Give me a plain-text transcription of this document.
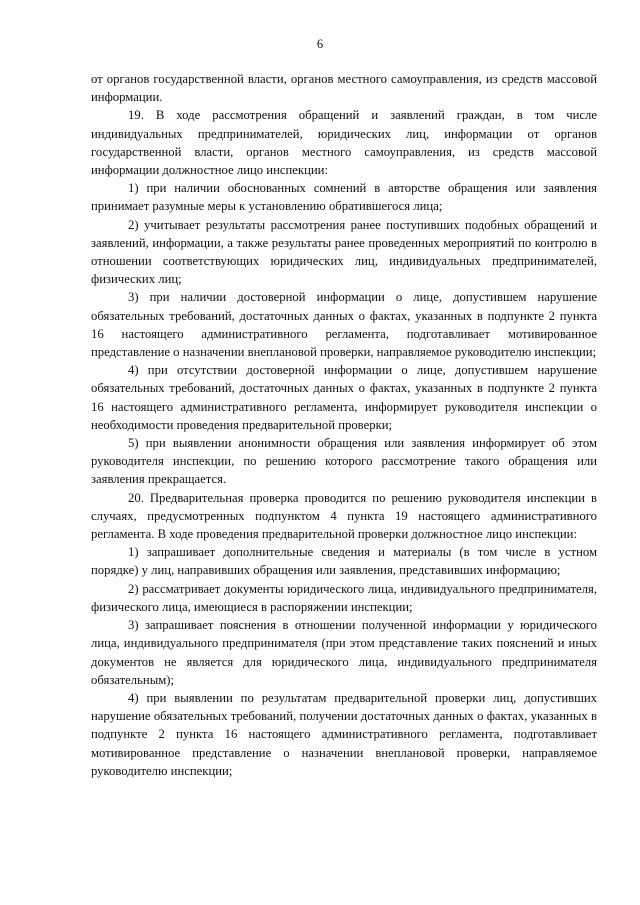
6

от органов государственной власти, органов местного самоуправления, из средств массовой информации.

19. В ходе рассмотрения обращений и заявлений граждан, в том числе индивидуальных предпринимателей, юридических лиц, информации от органов государственной власти, органов местного самоуправления, из средств массовой информации должностное лицо инспекции:

1) при наличии обоснованных сомнений в авторстве обращения или заявления принимает разумные меры к установлению обратившегося лица;

2) учитывает результаты рассмотрения ранее поступивших подобных обращений и заявлений, информации, а также результаты ранее проведенных мероприятий по контролю в отношении соответствующих юридических лиц, индивидуальных предпринимателей, физических лиц;

3) при наличии достоверной информации о лице, допустившем нарушение обязательных требований, достаточных данных о фактах, указанных в подпункте 2 пункта 16 настоящего административного регламента, подготавливает мотивированное представление о назначении внеплановой проверки, направляемое руководителю инспекции;

4) при отсутствии достоверной информации о лице, допустившем нарушение обязательных требований, достаточных данных о фактах, указанных в подпункте 2 пункта 16 настоящего административного регламента, информирует руководителя инспекции о необходимости проведения предварительной проверки;

5) при выявлении анонимности обращения или заявления информирует об этом руководителя инспекции, по решению которого рассмотрение такого обращения или заявления прекращается.

20. Предварительная проверка проводится по решению руководителя инспекции в случаях, предусмотренных подпунктом 4 пункта 19 настоящего административного регламента. В ходе проведения предварительной проверки должностное лицо инспекции:

1) запрашивает дополнительные сведения и материалы (в том числе в устном порядке) у лиц, направивших обращения или заявления, представивших информацию;

2) рассматривает документы юридического лица, индивидуального предпринимателя, физического лица, имеющиеся в распоряжении инспекции;

3) запрашивает пояснения в отношении полученной информации у юридического лица, индивидуального предпринимателя (при этом представление таких пояснений и иных документов не является для юридического лица, индивидуального предпринимателя обязательным);

4) при выявлении по результатам предварительной проверки лиц, допустивших нарушение обязательных требований, получении достаточных данных о фактах, указанных в подпункте 2 пункта 16 настоящего административного регламента, подготавливает мотивированное представление о назначении внеплановой проверки, направляемое руководителю инспекции;
